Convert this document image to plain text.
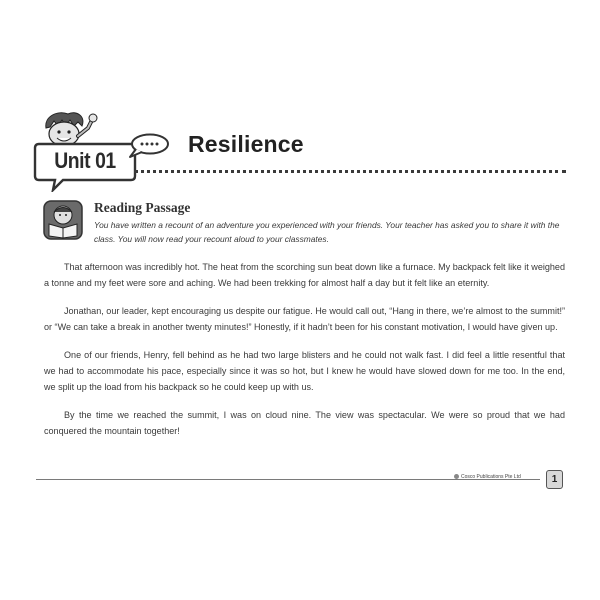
Unit 01
Resilience
Reading Passage
You have written a recount of an adventure you experienced with your friends. Your teacher has asked you to share it with the class. You will now read your recount aloud to your classmates.

That afternoon was incredibly hot. The heat from the scorching sun beat down like a furnace. My backpack felt like it weighed a tonne and my feet were sore and aching. We had been trekking for almost half a day but it felt like an eternity.

Jonathan, our leader, kept encouraging us despite our fatigue. He would call out, “Hang in there, we’re almost to the summit!” or “We can take a break in another twenty minutes!” Honestly, if it hadn’t been for his constant motivation, I would have given up.

One of our friends, Henry, fell behind as he had two large blisters and he could not walk fast. I did feel a little resentful that we had to accommodate his pace, especially since it was so hot, but I knew he would have slowed down for me too. In the end, we split up the load from his backpack so he could keep up with us.

By the time we reached the summit, I was on cloud nine. The view was spectacular. We were so proud that we had conquered the mountain together!

Cosco Publications Pte Ltd	1
